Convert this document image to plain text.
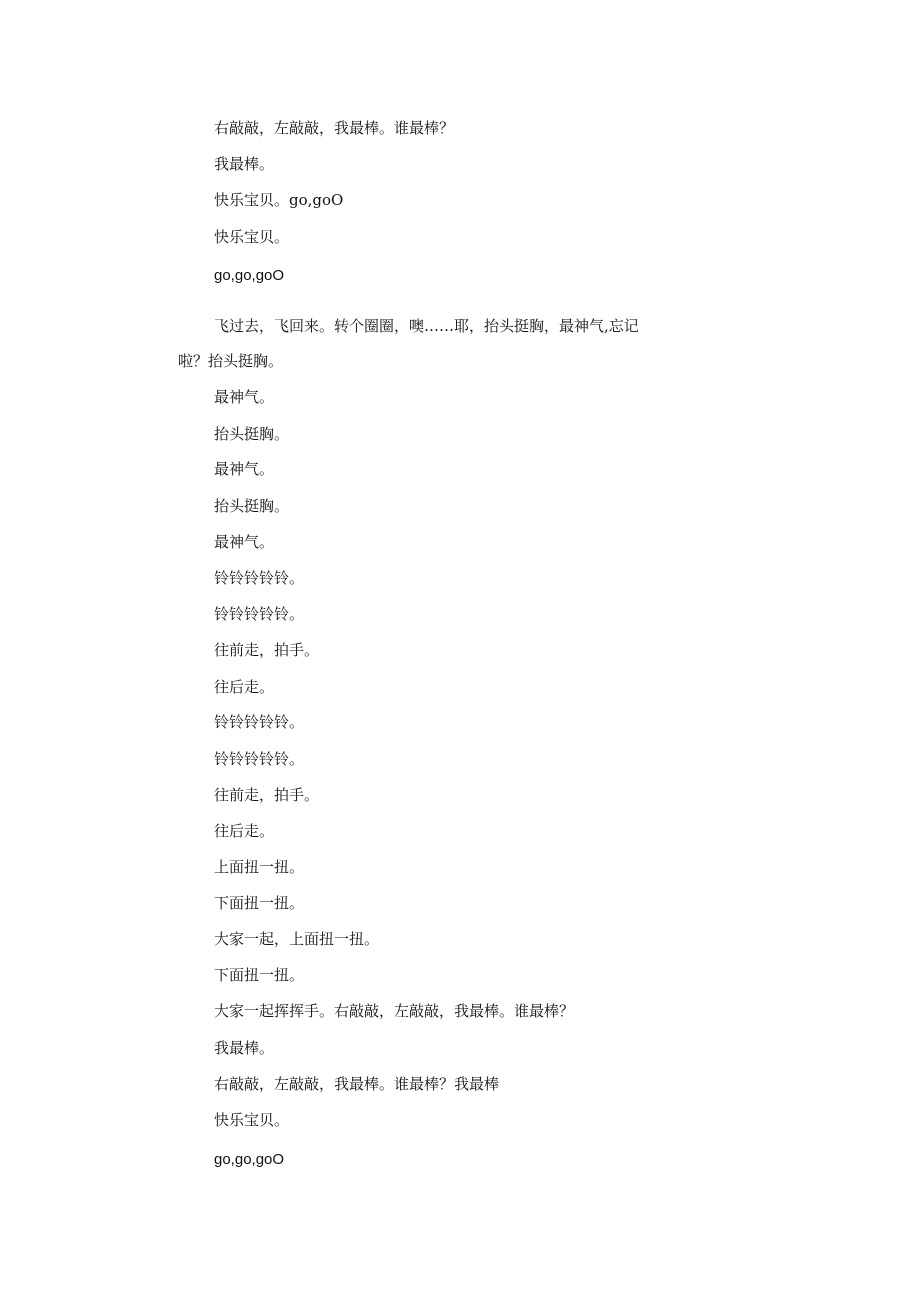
右敲敲，左敲敲，我最棒。谁最棒？
我最棒。
快乐宝贝。go,goO
快乐宝贝。
go,go,goO
飞过去，飞回来。转个圈圈，噢……耶，抬头挺胸，最神气,忘记
啦？抬头挺胸。
最神气。
抬头挺胸。
最神气。
抬头挺胸。
最神气。
铃铃铃铃铃。
铃铃铃铃铃。
往前走，拍手。
往后走。
铃铃铃铃铃。
铃铃铃铃铃。
往前走，拍手。
往后走。
上面扭一扭。
下面扭一扭。
大家一起，上面扭一扭。
下面扭一扭。
大家一起挥挥手。右敲敲，左敲敲，我最棒。谁最棒？
我最棒。
右敲敲，左敲敲，我最棒。谁最棒？我最棒
快乐宝贝。
go,go,goO
